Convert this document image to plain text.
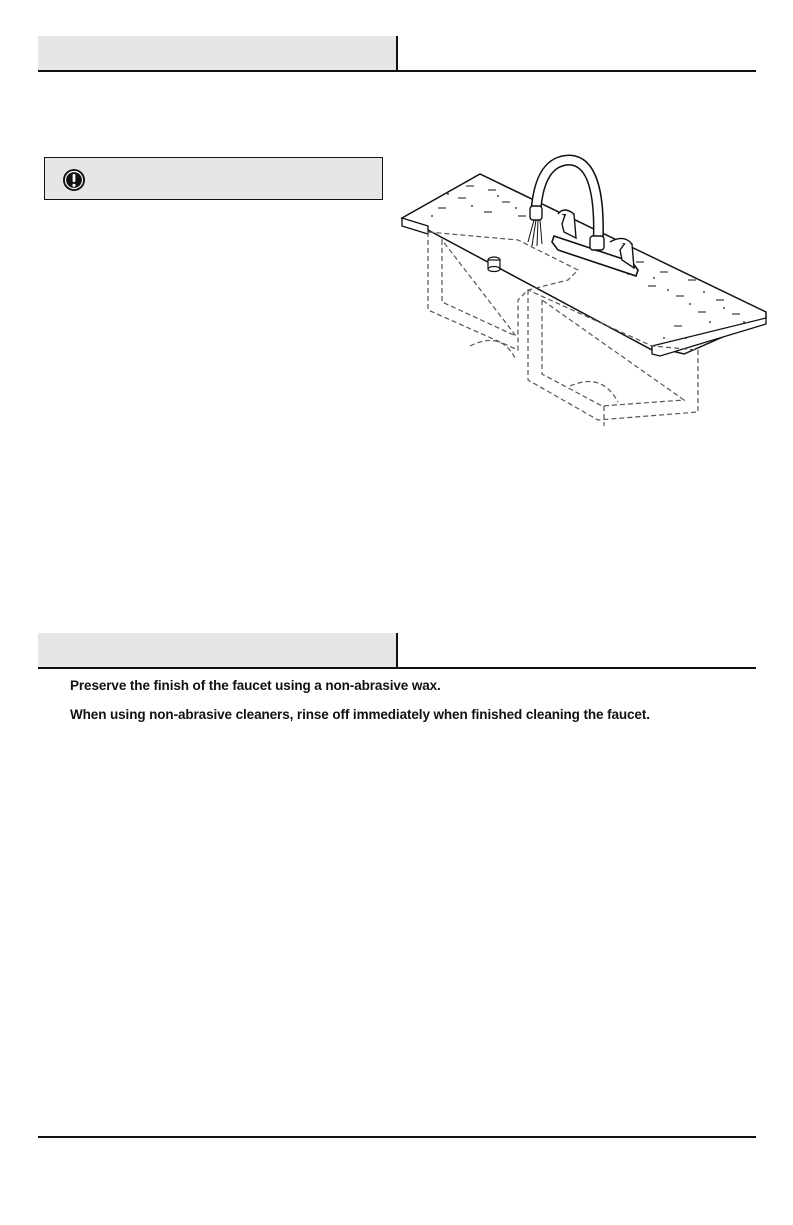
Preserve the finish of the faucet using a non-abrasive wax.
When using non-abrasive cleaners, rinse off immediately when finished cleaning the faucet.
